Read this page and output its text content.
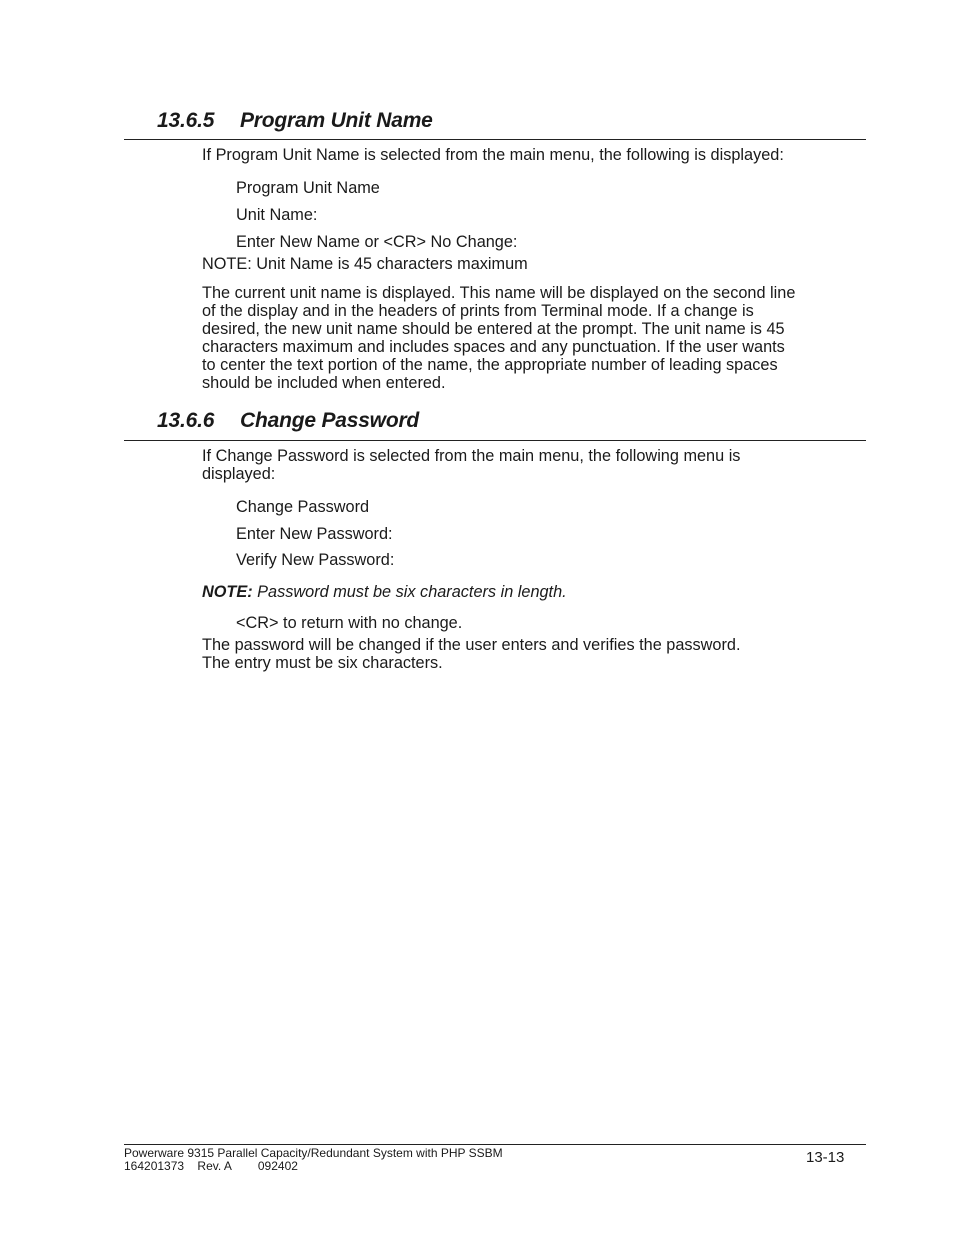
13.6.5 Program Unit Name
If Program Unit Name is selected from the main menu, the following is displayed:
Program Unit Name
Unit Name:
Enter New Name or <CR> No Change:
NOTE: Unit Name is 45 characters maximum
The current unit name is displayed. This name will be displayed on the second line
of the display and in the headers of prints from Terminal mode. If a change is
desired, the new unit name should be entered at the prompt. The unit name is 45
characters maximum and includes spaces and any punctuation. If the user wants
to center the text portion of the name, the appropriate number of leading spaces
should be included when entered.
13.6.6 Change Password
If Change Password is selected from the main menu, the following menu is
displayed:
Change Password
Enter New Password:
Verify New Password:
NOTE: Password must be six characters in length.
<CR> to return with no change.
The password will be changed if the user enters and verifies the password.
The entry must be six characters.
Powerware 9315 Parallel Capacity/Redundant System with PHP SSBM
164201373    Rev. A        092402	13-13
